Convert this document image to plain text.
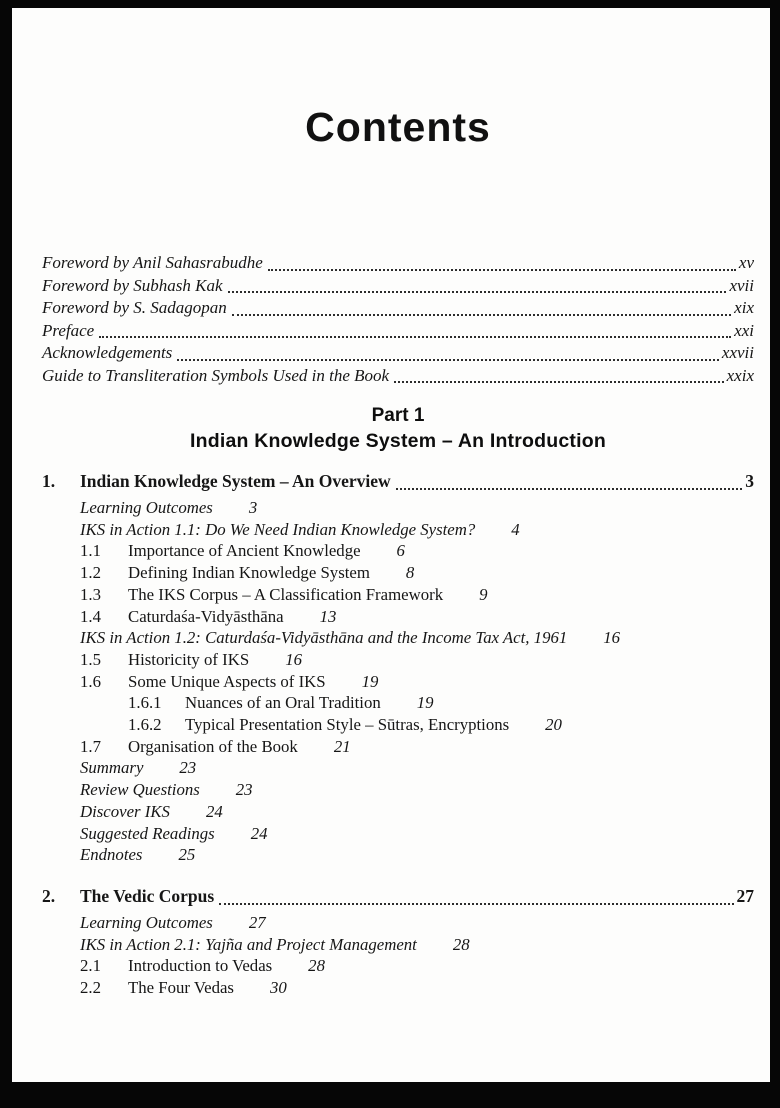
Contents
Foreword by Anil Sahasrabudhe	xv
Foreword by Subhash Kak	xvii
Foreword by S. Sadagopan	xix
Preface	xxi
Acknowledgements	xxvii
Guide to Transliteration Symbols Used in the Book	xxix
Part 1
Indian Knowledge System – An Introduction
1.	Indian Knowledge System – An Overview	3
Learning Outcomes 3
IKS in Action 1.1: Do We Need Indian Knowledge System? 4
1.1	Importance of Ancient Knowledge 6
1.2	Defining Indian Knowledge System 8
1.3	The IKS Corpus – A Classification Framework 9
1.4	Caturdaśa-Vidyāsthāna 13
IKS in Action 1.2: Caturdaśa-Vidyāsthāna and the Income Tax Act, 1961 16
1.5	Historicity of IKS 16
1.6	Some Unique Aspects of IKS 19
1.6.1	Nuances of an Oral Tradition 19
1.6.2	Typical Presentation Style – Sūtras, Encryptions 20
1.7	Organisation of the Book 21
Summary 23
Review Questions 23
Discover IKS 24
Suggested Readings 24
Endnotes 25
2.	The Vedic Corpus	27
Learning Outcomes 27
IKS in Action 2.1: Yajña and Project Management 28
2.1	Introduction to Vedas 28
2.2	The Four Vedas 30
